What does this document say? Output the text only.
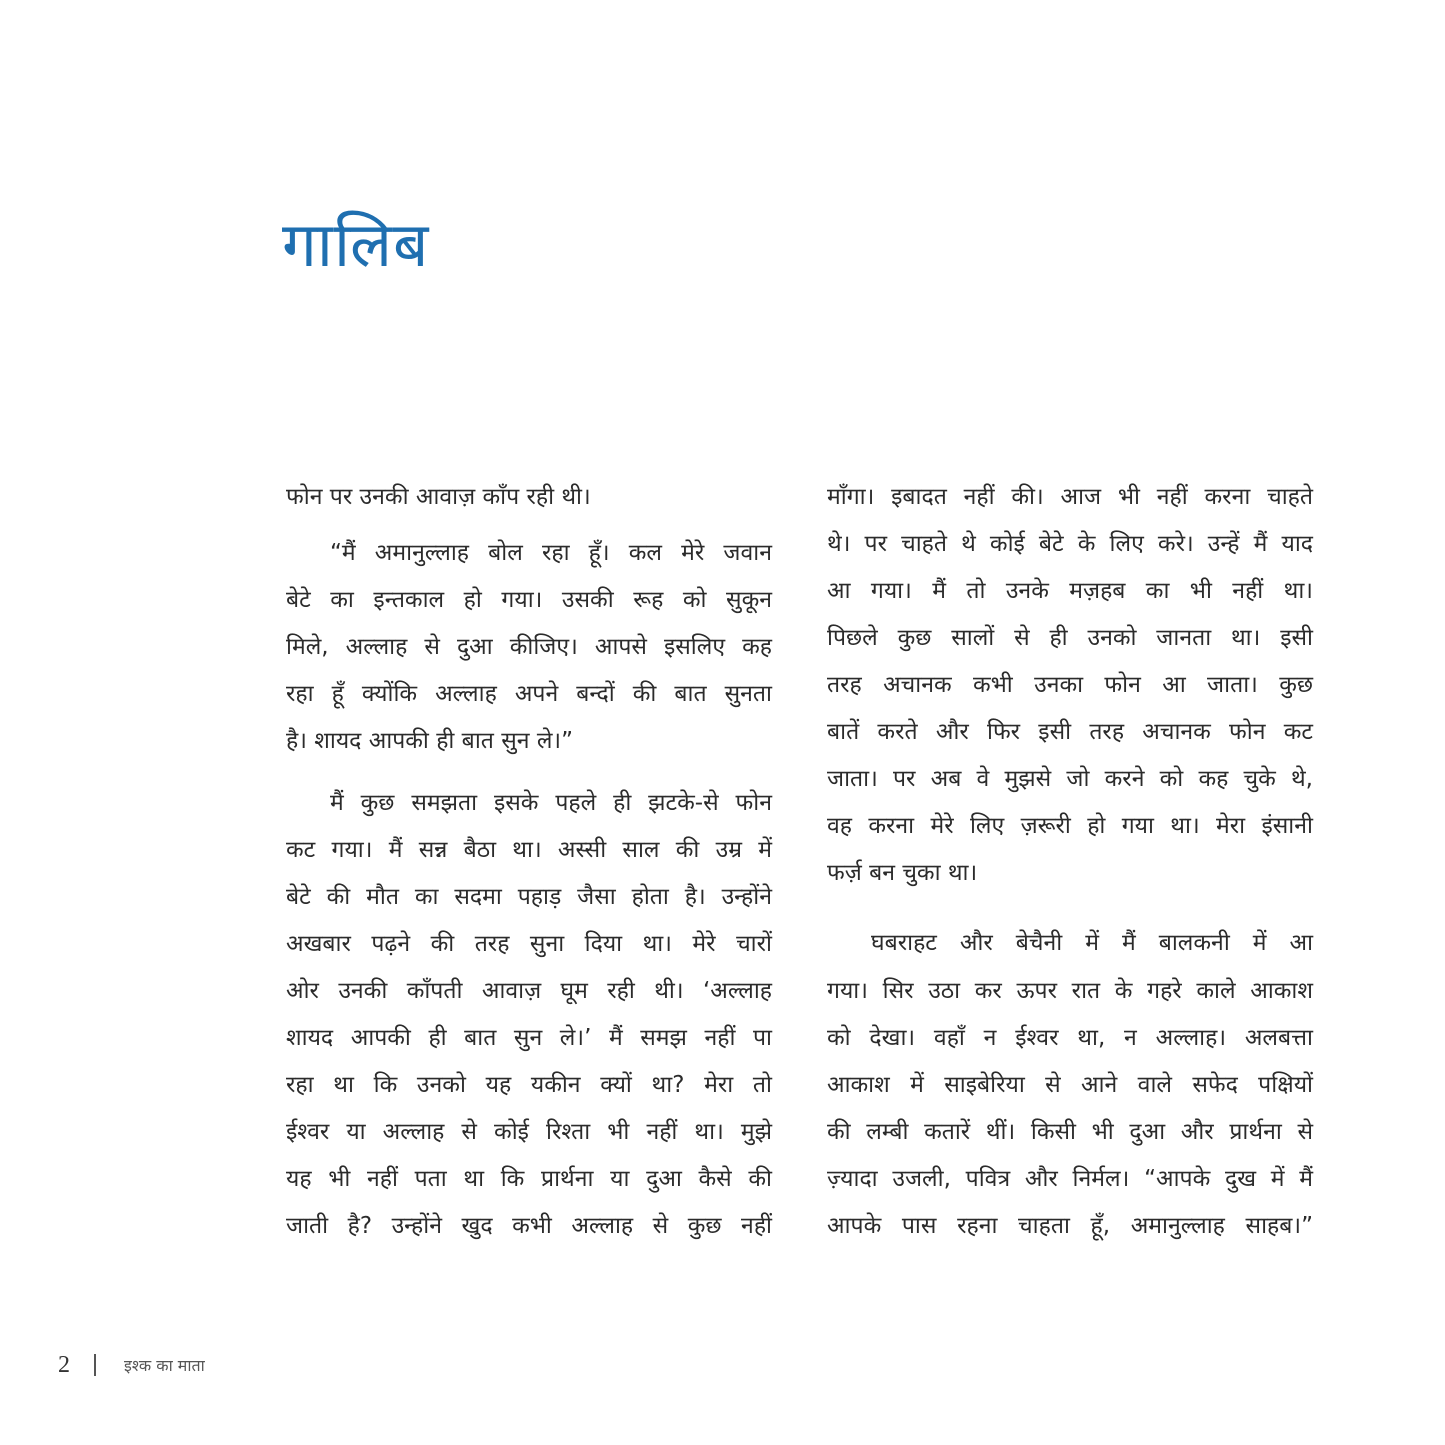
गालिब
फोन पर उनकी आवाज़ काँप रही थी।
“मैं अमानुल्लाह बोल रहा हूँ। कल मेरे जवान
बेटे का इन्तकाल हो गया। उसकी रूह को सुकून
मिले, अल्लाह से दुआ कीजिए। आपसे इसलिए कह
रहा हूँ क्योंकि अल्लाह अपने बन्दों की बात सुनता
है। शायद आपकी ही बात सुन ले।”
मैं कुछ समझता इसके पहले ही झटके-से फोन
कट गया। मैं सन्न बैठा था। अस्सी साल की उम्र में
बेटे की मौत का सदमा पहाड़ जैसा होता है। उन्होंने
अखबार पढ़ने की तरह सुना दिया था। मेरे चारों
ओर उनकी काँपती आवाज़ घूम रही थी। ‘अल्लाह
शायद आपकी ही बात सुन ले।’ मैं समझ नहीं पा
रहा था कि उनको यह यकीन क्यों था? मेरा तो
ईश्वर या अल्लाह से कोई रिश्ता भी नहीं था। मुझे
यह भी नहीं पता था कि प्रार्थना या दुआ कैसे की
जाती है? उन्होंने खुद कभी अल्लाह से कुछ नहीं
माँगा। इबादत नहीं की। आज भी नहीं करना चाहते
थे। पर चाहते थे कोई बेटे के लिए करे। उन्हें मैं याद
आ गया। मैं तो उनके मज़हब का भी नहीं था।
पिछले कुछ सालों से ही उनको जानता था। इसी
तरह अचानक कभी उनका फोन आ जाता। कुछ
बातें करते और फिर इसी तरह अचानक फोन कट
जाता। पर अब वे मुझसे जो करने को कह चुके थे,
वह करना मेरे लिए ज़रूरी हो गया था। मेरा इंसानी
फर्ज़ बन चुका था।
घबराहट और बेचैनी में मैं बालकनी में आ
गया। सिर उठा कर ऊपर रात के गहरे काले आकाश
को देखा। वहाँ न ईश्वर था, न अल्लाह। अलबत्ता
आकाश में साइबेरिया से आने वाले सफेद पक्षियों
की लम्बी कतारें थीं। किसी भी दुआ और प्रार्थना से
ज़्यादा उजली, पवित्र और निर्मल। “आपके दुख में मैं
आपके पास रहना चाहता हूँ, अमानुल्लाह साहब।”
2	इश्क का माता
